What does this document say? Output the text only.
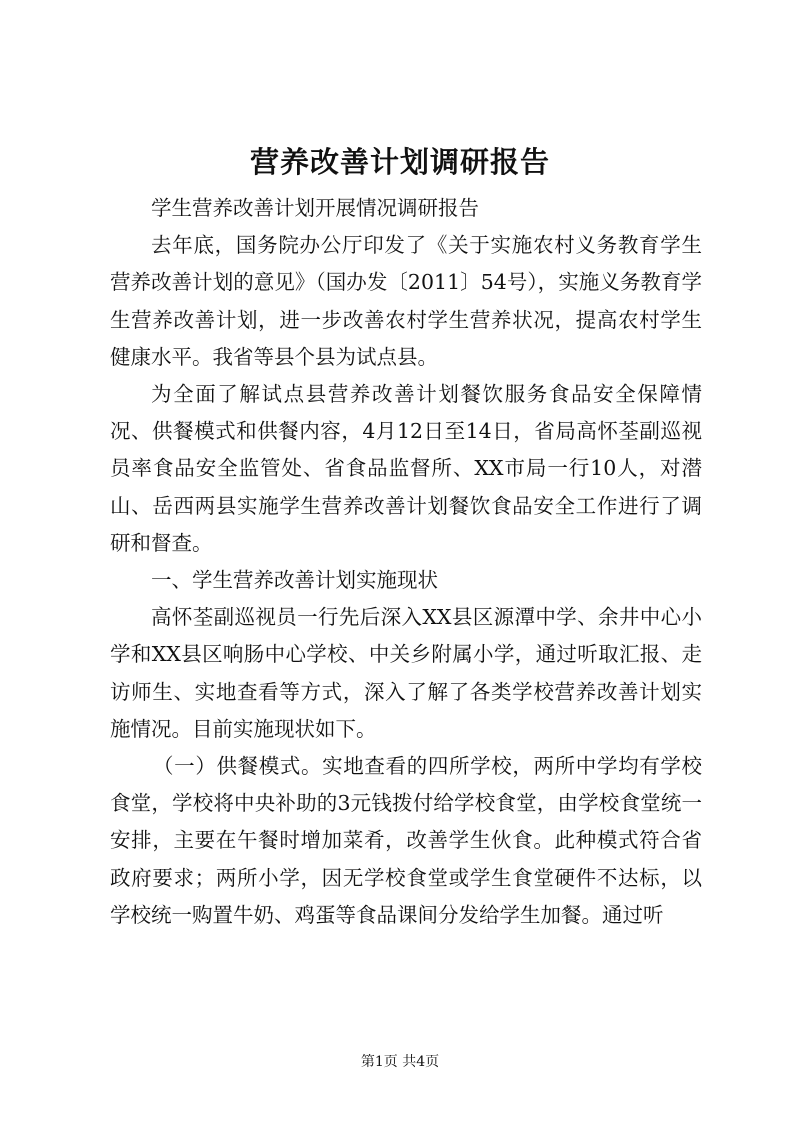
营养改善计划调研报告

学生营养改善计划开展情况调研报告

去年底，国务院办公厅印发了《关于实施农村义务教育学生营养改善计划的意见》（国办发〔2011〕54号），实施义务教育学生营养改善计划，进一步改善农村学生营养状况，提高农村学生健康水平。我省等县个县为试点县。

为全面了解试点县营养改善计划餐饮服务食品安全保障情况、供餐模式和供餐内容，4月12日至14日，省局高怀荃副巡视员率食品安全监管处、省食品监督所、XX市局一行10人，对潜山、岳西两县实施学生营养改善计划餐饮食品安全工作进行了调研和督查。

一、学生营养改善计划实施现状

高怀荃副巡视员一行先后深入XX县区源潭中学、余井中心小学和XX县区响肠中心学校、中关乡附属小学，通过听取汇报、走访师生、实地查看等方式，深入了解了各类学校营养改善计划实施情况。目前实施现状如下。

（一）供餐模式。实地查看的四所学校，两所中学均有学校食堂，学校将中央补助的3元钱拨付给学校食堂，由学校食堂统一安排，主要在午餐时增加菜肴，改善学生伙食。此种模式符合省政府要求；两所小学，因无学校食堂或学生食堂硬件不达标，以学校统一购置牛奶、鸡蛋等食品课间分发给学生加餐。通过听

第1页 共4页
